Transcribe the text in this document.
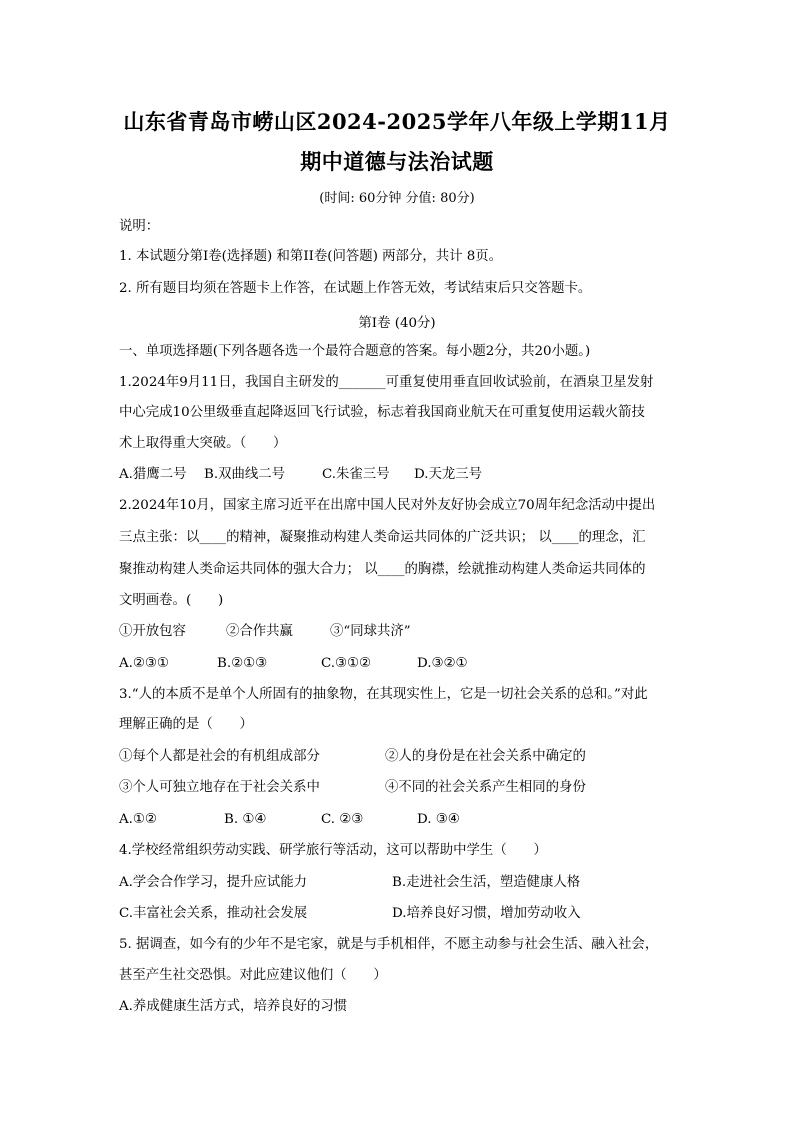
山东省青岛市崂山区2024-2025学年八年级上学期11月
期中道德与法治试题
(时间: 60分钟 分值: 80分)
说明：
1. 本试题分第I卷(选择题) 和第II卷(问答题) 两部分，共计 8页。
2. 所有题目均须在答题卡上作答，在试题上作答无效，考试结束后只交答题卡。
第I卷 (40分)
一、单项选择题(下列各题各选一个最符合题意的答案。每小题2分，共20小题。)
1.2024年9月11日，我国自主研发的_______可重复使用垂直回收试验前，在酒泉卫星发射
中心完成10公里级垂直起降返回飞行试验，标志着我国商业航天在可重复使用运载火箭技
术上取得重大突破。（　　）
A.猎鹰二号 B.双曲线二号	C.朱雀三号 D.天龙三号
2.2024年10月，国家主席习近平在出席中国人民对外友好协会成立70周年纪念活动中提出
三点主张：以____的精神，凝聚推动构建人类命运共同体的广泛共识； 以____的理念，汇
聚推动构建人类命运共同体的强大合力； 以____的胸襟，绘就推动构建人类命运共同体的
文明画卷。(　　)
①开放包容	②合作共赢	③“同球共济”
A.②③①	B.②①③	C.③①②	D.③②①
3.“人的本质不是单个人所固有的抽象物，在其现实性上，它是一切社会关系的总和。”对此
理解正确的是（　　）
①每个人都是社会的有机组成部分	②人的身份是在社会关系中确定的
③个人可独立地存在于社会关系中	④不同的社会关系产生相同的身份
A.①②	B. ①④	C. ②③	D. ③④
4.学校经常组织劳动实践、研学旅行等活动，这可以帮助中学生（　　）
A.学会合作学习，提升应试能力	B.走进社会生活，塑造健康人格
C.丰富社会关系，推动社会发展	D.培养良好习惯，增加劳动收入
5. 据调查，如今有的少年不是宅家，就是与手机相伴，不愿主动参与社会生活、融入社会，
甚至产生社交恐惧。对此应建议他们（　　）
A.养成健康生活方式，培养良好的习惯
